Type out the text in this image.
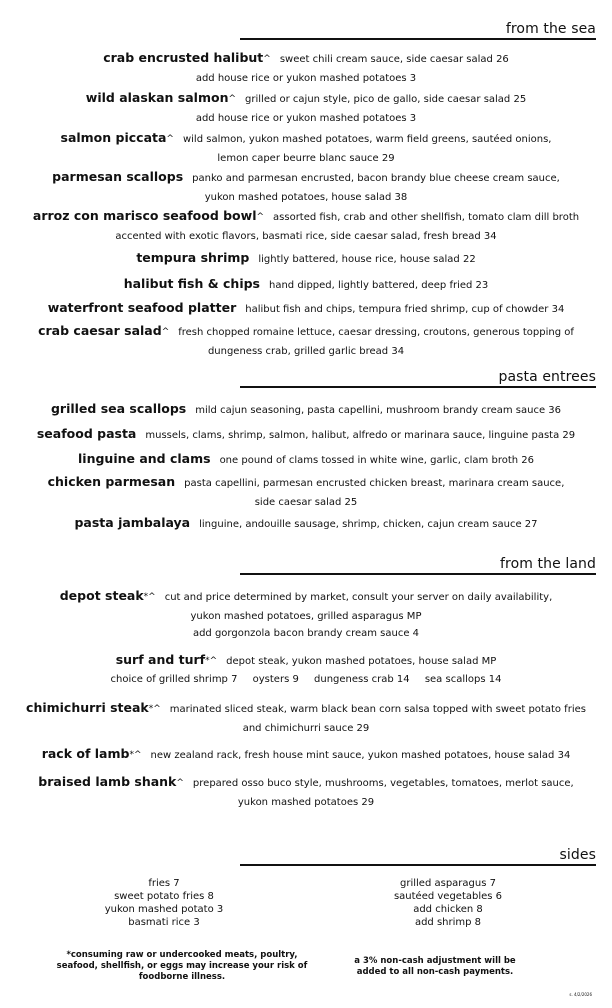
from the sea
pasta entrees
from the land
sides
crab encrusted halibut^ sweet chili cream sauce, side caesar salad 26
add house rice or yukon mashed potatoes 3
wild alaskan salmon^ grilled or cajun style, pico de gallo, side caesar salad 25
add house rice or yukon mashed potatoes 3
salmon piccata^ wild salmon, yukon mashed potatoes, warm field greens, sautéed onions,
lemon caper beurre blanc sauce 29
parmesan scallops panko and parmesan encrusted, bacon brandy blue cheese cream sauce,
yukon mashed potatoes, house salad 38
arroz con marisco seafood bowl^ assorted fish, crab and other shellfish, tomato clam dill broth
accented with exotic flavors, basmati rice, side caesar salad, fresh bread 34
tempura shrimp lightly battered, house rice, house salad 22
halibut fish & chips hand dipped, lightly battered, deep fried 23
waterfront seafood platter halibut fish and chips, tempura fried shrimp, cup of chowder 34
crab caesar salad^ fresh chopped romaine lettuce, caesar dressing, croutons, generous topping of
dungeness crab, grilled garlic bread 34
grilled sea scallops mild cajun seasoning, pasta capellini, mushroom brandy cream sauce 36
seafood pasta mussels, clams, shrimp, salmon, halibut, alfredo or marinara sauce, linguine pasta 29
linguine and clams one pound of clams tossed in white wine, garlic, clam broth 26
chicken parmesan pasta capellini, parmesan encrusted chicken breast, marinara cream sauce,
side caesar salad 25
pasta jambalaya linguine, andouille sausage, shrimp, chicken, cajun cream sauce 27
depot steak*^ cut and price determined by market, consult your server on daily availability,
yukon mashed potatoes, grilled asparagus MP
add gorgonzola bacon brandy cream sauce 4
surf and turf*^ depot steak, yukon mashed potatoes, house salad MP
chimichurri steak*^ marinated sliced steak, warm black bean corn salsa topped with sweet potato fries
and chimichurri sauce 29
rack of lamb*^ new zealand rack, fresh house mint sauce, yukon mashed potatoes, house salad 34
braised lamb shank^ prepared osso buco style, mushrooms, vegetables, tomatoes, merlot sauce,
yukon mashed potatoes 29
choice of grilled shrimp 7 oysters 9 dungeness crab 14 sea scallops 14
fries 7
sweet potato fries 8
yukon mashed potato 3
basmati rice 3
grilled asparagus 7
sautéed vegetables 6
add chicken 8
add shrimp 8
*consuming raw or undercooked meats, poultry, seafood, shellfish, or eggs may increase your risk of foodborne illness.
a 3% non-cash adjustment will be added to all non-cash payments.
s. 4/2/2026
